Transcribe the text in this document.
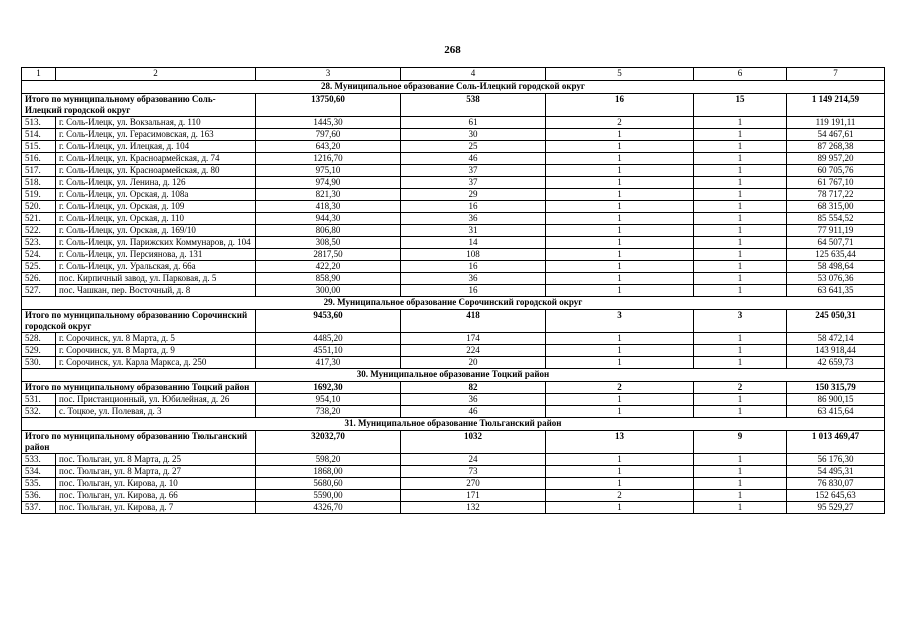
268
1	2	3	4	5	6	7
28. Муниципальное образование Соль-Илецкий городской округ						
Итого по муниципальному образованию Соль-Илецкий городской округ		13750,60	538	16	15	1 149 214,59
513.	г. Соль-Илецк, ул. Вокзальная, д. 110	1445,30	61	2	1	119 191,11
514.	г. Соль-Илецк, ул. Герасимовская, д. 163	797,60	30	1	1	54 467,61
515.	г. Соль-Илецк, ул. Илецкая, д. 104	643,20	25	1	1	87 268,38
516.	г. Соль-Илецк, ул. Красноармейская, д. 74	1216,70	46	1	1	89 957,20
517.	г. Соль-Илецк, ул. Красноармейская, д. 80	975,10	37	1	1	60 705,76
518.	г. Соль-Илецк, ул. Ленина, д. 126	974,90	37	1	1	61 767,10
519.	г. Соль-Илецк, ул. Орская, д. 108а	821,30	29	1	1	78 717,22
520.	г. Соль-Илецк, ул. Орская, д. 109	418,30	16	1	1	68 315,00
521.	г. Соль-Илецк, ул. Орская, д. 110	944,30	36	1	1	85 554,52
522.	г. Соль-Илецк, ул. Орская, д. 169/10	806,80	31	1	1	77 911,19
523.	г. Соль-Илецк, ул. Парижских Коммунаров, д. 104	308,50	14	1	1	64 507,71
524.	г. Соль-Илецк, ул. Персиянова, д. 131	2817,50	108	1	1	125 635,44
525.	г. Соль-Илецк, ул. Уральская, д. 66а	422,20	16	1	1	58 498,64
526.	пос. Кирпичный завод, ул. Парковая, д. 5	858,90	36	1	1	53 076,36
527.	пос. Чашкан, пер. Восточный, д. 8	300,00	16	1	1	63 641,35
29. Муниципальное образование Сорочинский городской округ						
Итого по муниципальному образованию Сорочинский городской округ		9453,60	418	3	3	245 050,31
528.	г. Сорочинск, ул. 8 Марта, д. 5	4485,20	174	1	1	58 472,14
529.	г. Сорочинск, ул. 8 Марта, д. 9	4551,10	224	1	1	143 918,44
530.	г. Сорочинск, ул. Карла Маркса, д. 250	417,30	20	1	1	42 659,73
30. Муниципальное образование Тоцкий район						
Итого по муниципальному образованию Тоцкий район		1692,30	82	2	2	150 315,79
531.	пос. Пристанционный, ул. Юбилейная, д. 26	954,10	36	1	1	86 900,15
532.	с. Тоцкое, ул. Полевая, д. 3	738,20	46	1	1	63 415,64
31. Муниципальное образование Тюльганский район						
Итого по муниципальному образованию Тюльганский район		32032,70	1032	13	9	1 013 469,47
533.	пос. Тюльган, ул. 8 Марта, д. 25	598,20	24	1	1	56 176,30
534.	пос. Тюльган, ул. 8 Марта, д. 27	1868,00	73	1	1	54 495,31
535.	пос. Тюльган, ул. Кирова, д. 10	5680,60	270	1	1	76 830,07
536.	пос. Тюльган, ул. Кирова, д. 66	5590,00	171	2	1	152 645,63
537.	пос. Тюльган, ул. Кирова, д. 7	4326,70	132	1	1	95 529,27
